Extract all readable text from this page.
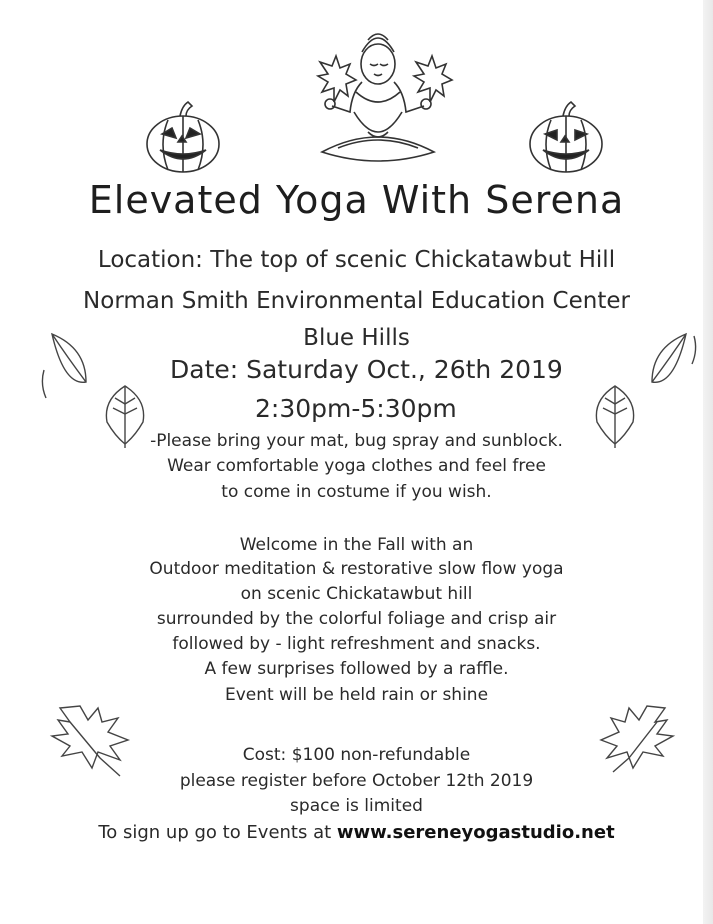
Elevated Yoga With Serena
Location: The top of scenic Chickatawbut Hill
Norman Smith Environmental Education Center
Blue Hills
Date: Saturday Oct., 26th 2019
2:30pm-5:30pm
-Please bring your mat, bug spray and sunblock.
Wear comfortable yoga clothes and feel free
to come in costume if you wish.
Welcome in the Fall with an
Outdoor meditation & restorative slow flow yoga
on scenic Chickatawbut hill
surrounded by the colorful foliage and crisp air
followed by - light refreshment and snacks.
A few surprises followed by a raffle.
Event will be held rain or shine
Cost: $100 non-refundable
please register before October 12th 2019
space is limited
To sign up go to Events at www.sereneyogastudio.net
